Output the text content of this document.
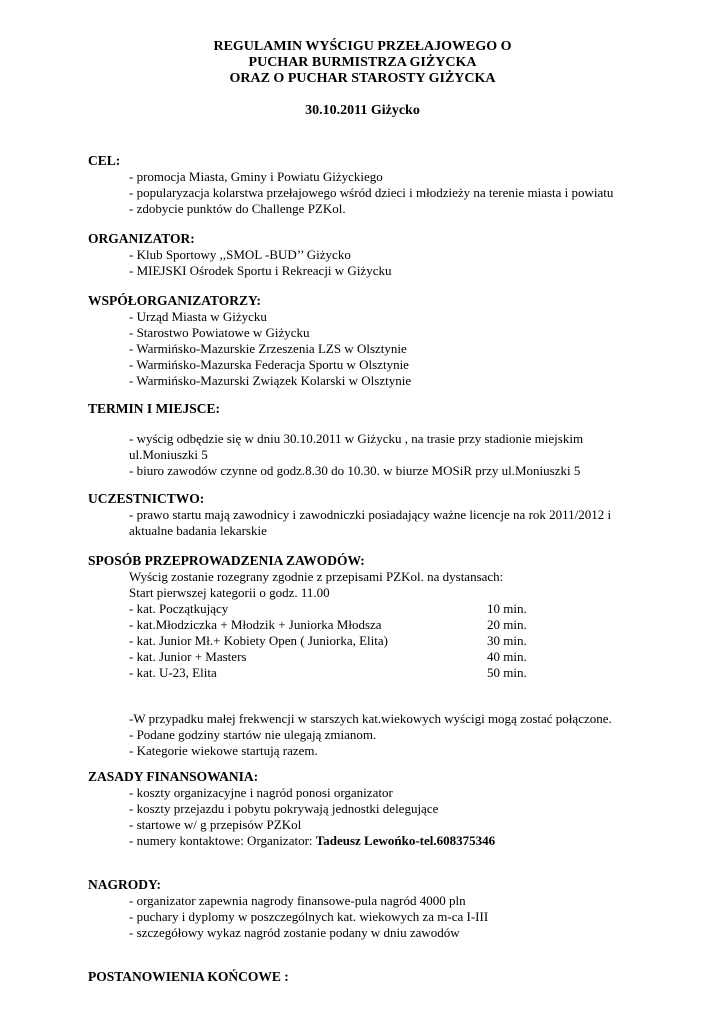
REGULAMIN WYŚCIGU PRZEŁAJOWEGO O

PUCHAR BURMISTRZA GIŻYCKA

ORAZ O PUCHAR STAROSTY GIŻYCKA

30.10.2011 Giżycko

CEL:

- promocja Miasta, Gminy i Powiatu Giżyckiego

- popularyzacja kolarstwa przełajowego wśród dzieci i młodzieży na terenie miasta i powiatu

- zdobycie punktów do Challenge PZKol.

ORGANIZATOR:

- Klub Sportowy ,,SMOL -BUD’’ Giżycko

- MIEJSKI Ośrodek Sportu i Rekreacji w Giżycku

WSPÓŁORGANIZATORZY:

- Urząd Miasta w Giżycku

- Starostwo Powiatowe w Giżycku

- Warmińsko-Mazurskie Zrzeszenia LZS w Olsztynie

- Warmińsko-Mazurska Federacja Sportu w Olsztynie

- Warmińsko-Mazurski Związek Kolarski w Olsztynie

TERMIN I MIEJSCE:

- wyścig odbędzie się w dniu 30.10.2011 w Giżycku , na trasie przy stadionie miejskim ul.Moniuszki 5

- biuro zawodów czynne od godz.8.30 do 10.30. w biurze MOSiR przy ul.Moniuszki 5

UCZESTNICTWO:

- prawo startu mają zawodnicy i zawodniczki posiadający ważne licencje na rok 2011/2012 i aktualne badania lekarskie

SPOSÓB PRZEPROWADZENIA ZAWODÓW:

Wyścig zostanie rozegrany zgodnie z przepisami PZKol. na dystansach:

Start pierwszej kategorii o godz. 11.00

- kat. Początkujący	10 min.
- kat.Młodziczka + Młodzik + Juniorka Młodsza	20 min.
- kat. Junior Mł.+ Kobiety Open ( Juniorka, Elita)	30 min.
- kat. Junior + Masters	40 min.
- kat. U-23, Elita	50 min.

-W przypadku małej frekwencji w starszych kat.wiekowych wyścigi mogą zostać połączone.

- Podane godziny startów nie ulegają zmianom.

- Kategorie wiekowe startują razem.

ZASADY FINANSOWANIA:

- koszty organizacyjne i nagród ponosi organizator

- koszty przejazdu i pobytu pokrywają jednostki delegujące

- startowe w/ g przepisów PZKol

- numery kontaktowe: Organizator: Tadeusz Lewońko-tel.608375346

NAGRODY:

- organizator zapewnia nagrody finansowe-pula nagród 4000 pln

- puchary i dyplomy w poszczególnych kat. wiekowych za m-ca I-III

- szczegółowy wykaz nagród zostanie podany w dniu zawodów

POSTANOWIENIA KOŃCOWE :
